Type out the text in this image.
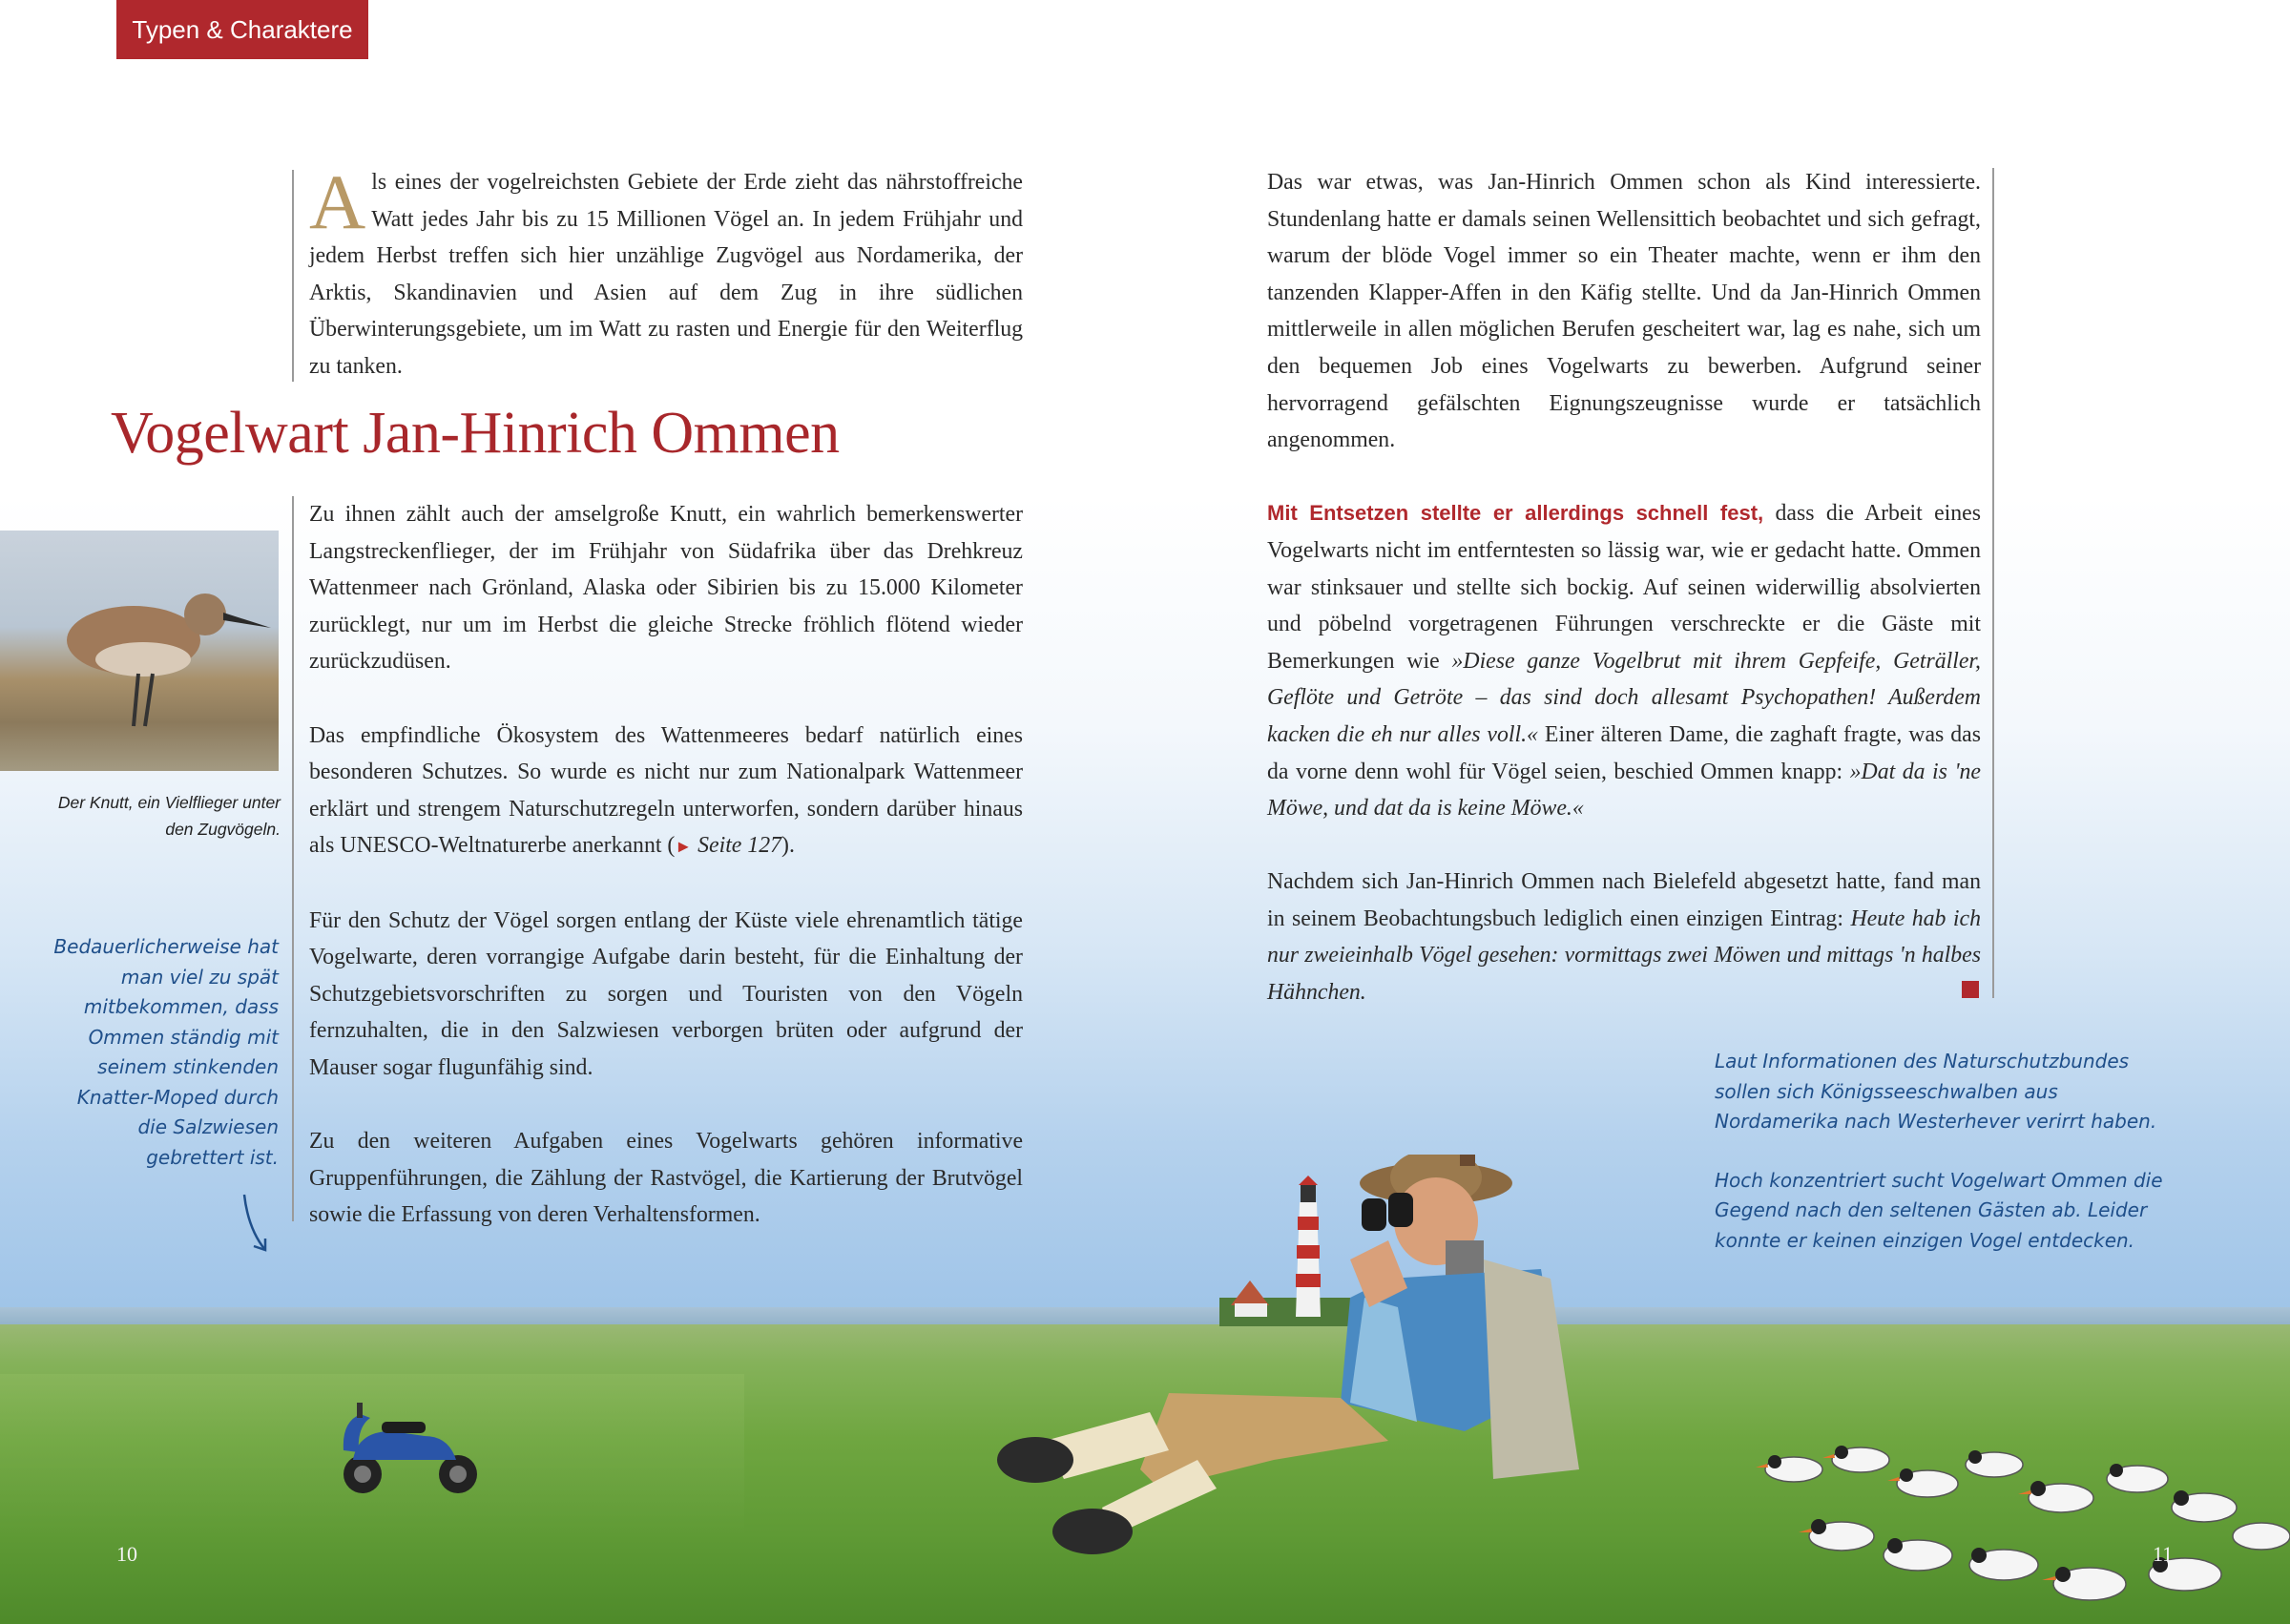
Typen & Charaktere
Der Knutt, ein Vielflieger unter den Zugvögeln.
Als eines der vogelreichsten Gebiete der Erde zieht das nährstoffreiche Watt jedes Jahr bis zu 15 Millionen Vögel an. In jedem Frühjahr und jedem Herbst treffen sich hier unzählige Zugvögel aus Nordamerika, der Arktis, Skandinavien und Asien auf dem Zug in ihre südlichen Überwinterungsgebiete, um im Watt zu rasten und Energie für den Weiterflug zu tanken.
Vogelwart Jan-Hinrich Ommen

Zu ihnen zählt auch der amselgroße Knutt, ein wahrlich bemerkenswerter Langstreckenflieger, der im Frühjahr von Südafrika über das Drehkreuz Wattenmeer nach Grönland, Alaska oder Sibirien bis zu 15.000 Kilometer zurücklegt, nur um im Herbst die gleiche Strecke fröhlich flötend wieder zurückzudüsen.

Das empfindliche Ökosystem des Wattenmeeres bedarf natürlich eines besonderen Schutzes. So wurde es nicht nur zum Nationalpark Wattenmeer erklärt und strengem Naturschutzregeln unterworfen, sondern darüber hinaus als UNESCO-Weltnaturerbe anerkannt (► Seite 127).

Für den Schutz der Vögel sorgen entlang der Küste viele ehrenamtlich tätige Vogelwarte, deren vorrangige Aufgabe darin besteht, für die Einhaltung der Schutzgebietsvorschriften zu sorgen und Touristen von den Vögeln fernzuhalten, die in den Salzwiesen verborgen brüten oder aufgrund der Mauser sogar flugunfähig sind.

Zu den weiteren Aufgaben eines Vogelwarts gehören informative Gruppenführungen, die Zählung der Rastvögel, die Kartierung der Brutvögel sowie die Erfassung von deren Verhaltensformen.

Bedauerlicherweise hat man viel zu spät mitbekommen, dass Ommen ständig mit seinem stinkenden Knatter-Moped durch die Salzwiesen gebrettert ist.

Das war etwas, was Jan-Hinrich Ommen schon als Kind interessierte. Stundenlang hatte er damals seinen Wellensittich beobachtet und sich gefragt, warum der blöde Vogel immer so ein Theater machte, wenn er ihm den tanzenden Klapper-Affen in den Käfig stellte. Und da Jan-Hinrich Ommen mittlerweile in allen möglichen Berufen gescheitert war, lag es nahe, sich um den bequemen Job eines Vogelwarts zu bewerben. Aufgrund seiner hervorragend gefälschten Eignungszeugnisse wurde er tatsächlich angenommen.

Mit Entsetzen stellte er allerdings schnell fest, dass die Arbeit eines Vogelwarts nicht im entferntesten so lässig war, wie er gedacht hatte. Ommen war stinksauer und stellte sich bockig. Auf seinen widerwillig absolvierten und pöbelnd vorgetragenen Führungen verschreckte er die Gäste mit Bemerkungen wie »Diese ganze Vogelbrut mit ihrem Gepfeife, Geträller, Geflöte und Getröte – das sind doch allesamt Psychopathen! Außerdem kacken die eh nur alles voll.« Einer älteren Dame, die zaghaft fragte, was das da vorne denn wohl für Vögel seien, beschied Ommen knapp: »Dat da is 'ne Möwe, und dat da is keine Möwe.«

Nachdem sich Jan-Hinrich Ommen nach Bielefeld abgesetzt hatte, fand man in seinem Beobachtungsbuch lediglich einen einzigen Eintrag: Heute hab ich nur zweieinhalb Vögel gesehen: vormittags zwei Möwen und mittags 'n halbes Hähnchen.

Laut Informationen des Naturschutzbundes sollen sich Königsseeschwalben aus Nordamerika nach Westerhever verirrt haben.

Hoch konzentriert sucht Vogelwart Ommen die Gegend nach den seltenen Gästen ab. Leider konnte er keinen einzigen Vogel entdecken.

10	11
